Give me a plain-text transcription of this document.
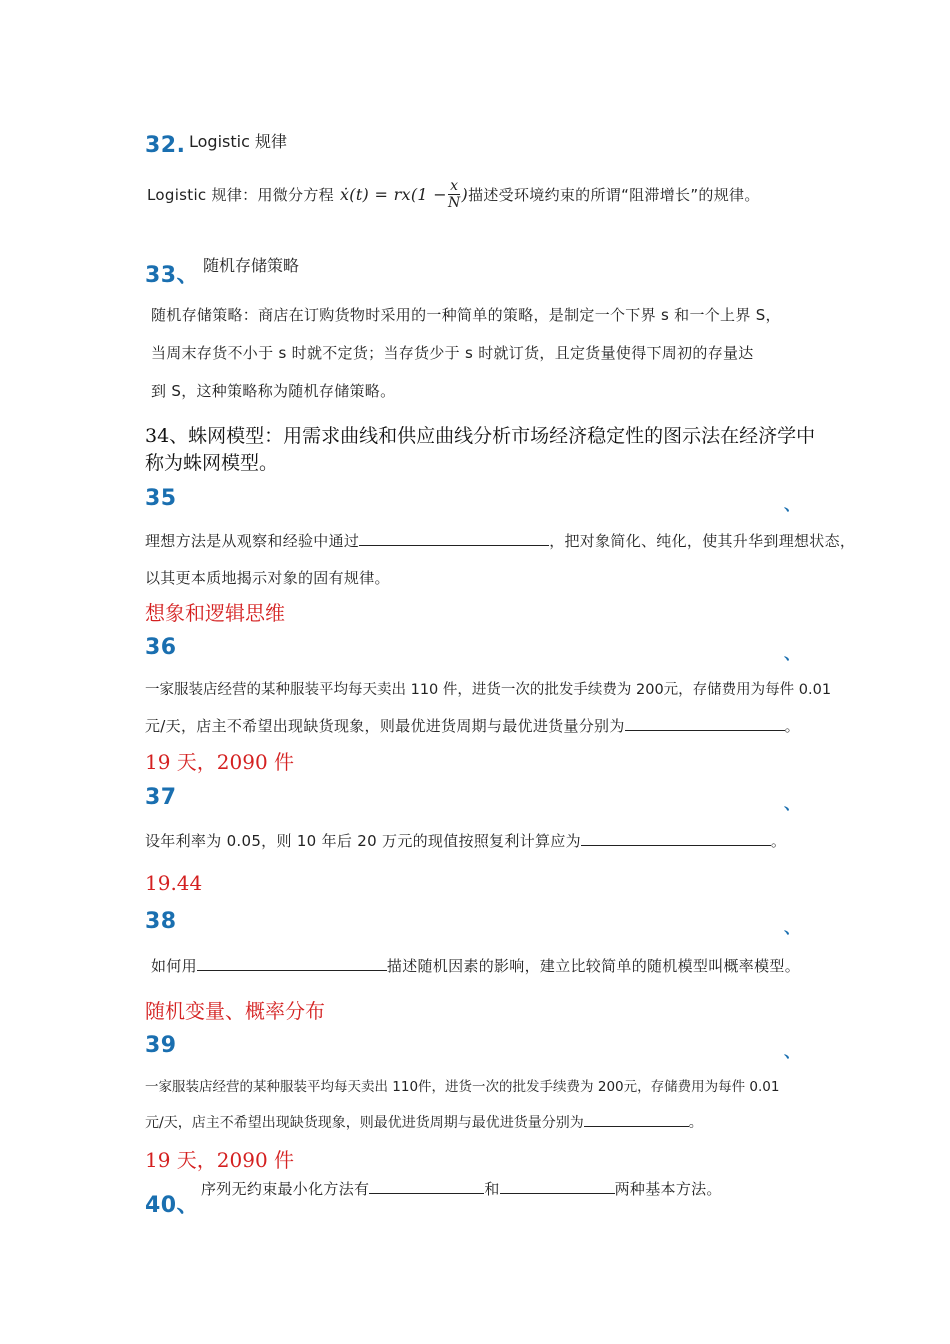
32. Logistic 规律
Logistic 规律：用微分方程 ẋ(t) = $rx(1 - \frac{x}{N}$ ) 描述受环境约束的所谓“阻滞增长”的规律。
33、 随机存储策略
随机存储策略：商店在订购货物时采用的一种简单的策略，是制定一个下界 s 和一个上界 S，
当周末存货不小于 s 时就不定货；当存货少于 s 时就订货，且定货量使得下周初的存量达
到 S，这种策略称为随机存储策略。
34、蛛网模型：用需求曲线和供应曲线分析市场经济稳定性的图示法在经济学中称为蛛网模型。
35	、
理想方法是从观察和经验中通过	，把对象简化、纯化，使其升华到理想状态，
以其更本质地揭示对象的固有规律。
想象和逻辑思维
36	、
一家服装店经营的某种服装平均每天卖出 110 件，进货一次的批发手续费为 200元，存储费用为每件 0.01
元/天，店主不希望出现缺货现象，则最优进货周期与最优进货量分别为	。
19 天，2090 件
37	、
设年利率为 0.05，则 10 年后 20 万元的现值按照复利计算应为	。
19.44
38	、
如何用	描述随机因素的影响，建立比较简单的随机模型叫概率模型。
随机变量、概率分布
39	、
一家服装店经营的某种服装平均每天卖出 110件，进货一次的批发手续费为 200元，存储费用为每件 0.01
元/天，店主不希望出现缺货现象，则最优进货周期与最优进货量分别为	。
19 天，2090 件
40、
序列无约束最小化方法有	和	两种基本方法。
